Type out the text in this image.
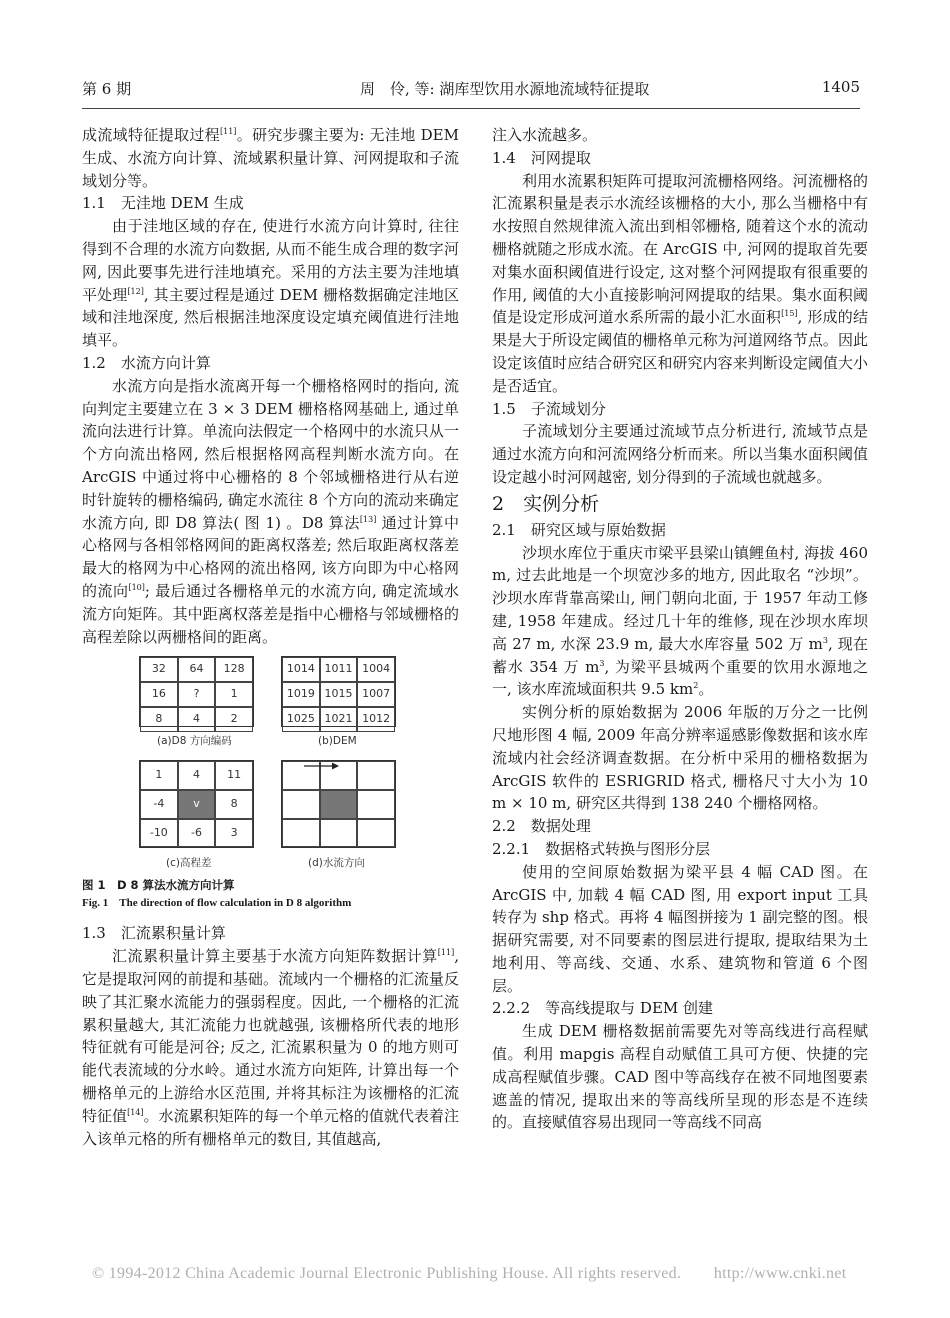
第 6 期	周　伶, 等: 湖库型饮用水源地流域特征提取	1405

成流域特征提取过程[11]。研究步骤主要为: 无洼地 DEM 生成、水流方向计算、流域累积量计算、河网提取和子流域划分等。

1.1　无洼地 DEM 生成

由于洼地区域的存在, 使进行水流方向计算时, 往往得到不合理的水流方向数据, 从而不能生成合理的数字河网, 因此要事先进行洼地填充。采用的方法主要为洼地填平处理[12], 其主要过程是通过 DEM 栅格数据确定洼地区域和洼地深度, 然后根据洼地深度设定填充阈值进行洼地填平。

1.2　水流方向计算

水流方向是指水流离开每一个栅格格网时的指向, 流向判定主要建立在 3 × 3 DEM 栅格格网基础上, 通过单流向法进行计算。单流向法假定一个格网中的水流只从一个方向流出格网, 然后根据格网高程判断水流方向。在 ArcGIS 中通过将中心栅格的 8 个邻域栅格进行从右逆时针旋转的栅格编码, 确定水流往 8 个方向的流动来确定水流方向, 即 D8 算法( 图 1) 。D8 算法[13] 通过计算中心格网与各相邻格网间的距离权落差; 然后取距离权落差最大的格网为中心格网的流出格网, 该方向即为中心格网的流向[10]; 最后通过各栅格单元的水流方向, 确定流域水流方向矩阵。其中距离权落差是指中心栅格与邻域栅格的高程差除以两栅格间的距离。

32	64	128
16	?	1
8	4	2
(a)D8 方向编码
1014 1011 1004
1019 1015 1007
1025 1021 1012
(b)DEM
1	4	11
-4	v	8
-10	-6	3
(c)高程差	(d)水流方向

图 1　D 8 算法水流方向计算

Fig. 1　The direction of flow calculation in D 8 algorithm

1.3　汇流累积量计算

汇流累积量计算主要基于水流方向矩阵数据计算[11], 它是提取河网的前提和基础。流域内一个栅格的汇流量反映了其汇聚水流能力的强弱程度。因此, 一个栅格的汇流累积量越大, 其汇流能力也就越强, 该栅格所代表的地形特征就有可能是河谷; 反之, 汇流累积量为 0 的地方则可能代表流域的分水岭。通过水流方向矩阵, 计算出每一个栅格单元的上游给水区范围, 并将其标注为该栅格的汇流特征值[14]。水流累积矩阵的每一个单元格的值就代表着注入该单元格的所有栅格单元的数目, 其值越高,

注入水流越多。

1.4　河网提取

利用水流累积矩阵可提取河流栅格网络。河流栅格的汇流累积量是表示水流经该栅格的大小, 那么当栅格中有水按照自然规律流入流出到相邻栅格, 随着这个水的流动栅格就随之形成水流。在 ArcGIS 中, 河网的提取首先要对集水面积阈值进行设定, 这对整个河网提取有很重要的作用, 阈值的大小直接影响河网提取的结果。集水面积阈值是设定形成河道水系所需的最小汇水面积[15], 形成的结果是大于所设定阈值的栅格单元称为河道网络节点。因此设定该值时应结合研究区和研究内容来判断设定阈值大小是否适宜。

1.5　子流域划分

子流域划分主要通过流域节点分析进行, 流域节点是通过水流方向和河流网络分析而来。所以当集水面积阈值设定越小时河网越密, 划分得到的子流域也就越多。

2　实例分析

2.1　研究区域与原始数据

沙坝水库位于重庆市梁平县梁山镇鲤鱼村, 海拔 460 m, 过去此地是一个坝宽沙多的地方, 因此取名 “沙坝”。沙坝水库背靠高梁山, 闸门朝向北面, 于 1957 年动工修建, 1958 年建成。经过几十年的维修, 现在沙坝水库坝高 27 m, 水深 23.9 m, 最大水库容量 502 万 $m^3$, 现在蓄水 354 万 $m^3$, 为梁平县城两个重要的饮用水源地之一, 该水库流域面积共 9.5 $km^2$。

实例分析的原始数据为 2006 年版的万分之一比例尺地形图 4 幅, 2009 年高分辨率遥感影像数据和该水库流域内社会经济调查数据。在分析中采用的栅格数据为 ArcGIS 软件的 ESRIGRID 格式, 栅格尺寸大小为 10 m × 10 m, 研究区共得到 138 240 个栅格网格。

2.2　数据处理

2.2.1　数据格式转换与图形分层

使用的空间原始数据为梁平县 4 幅 CAD 图。在 ArcGIS 中, 加载 4 幅 CAD 图, 用 export input 工具转存为 shp 格式。再将 4 幅图拼接为 1 副完整的图。根据研究需要, 对不同要素的图层进行提取, 提取结果为土地利用、等高线、交通、水系、建筑物和管道 6 个图层。

2.2.2　等高线提取与 DEM 创建

生成 DEM 栅格数据前需要先对等高线进行高程赋值。利用 mapgis 高程自动赋值工具可方便、快捷的完成高程赋值步骤。CAD 图中等高线存在被不同地图要素遮盖的情况, 提取出来的等高线所呈现的形态是不连续的。直接赋值容易出现同一等高线不同高

© 1994-2012 China Academic Journal Electronic Publishing House. All rights reserved.　　http://www.cnki.net
